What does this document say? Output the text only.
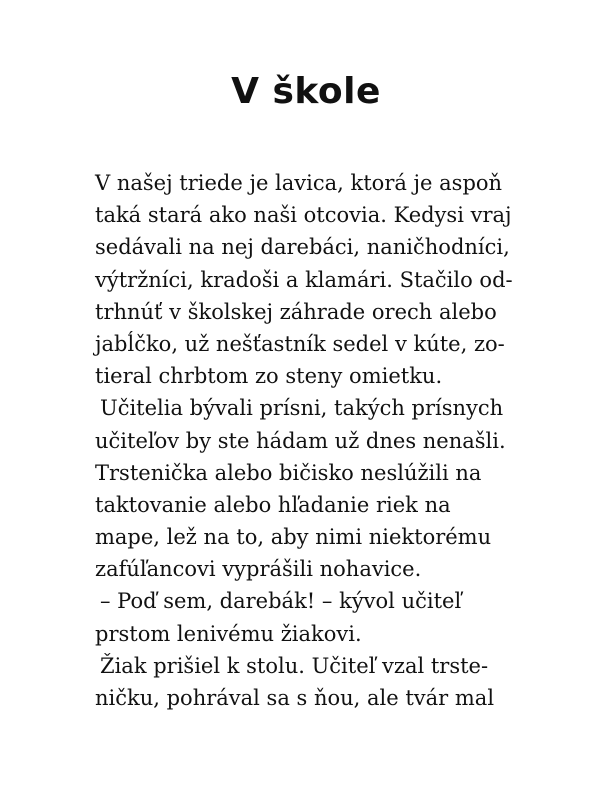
V škole
V našej triede je lavica, ktorá je aspoň
taká stará ako naši otcovia. Kedysi vraj
sedávali na nej darebáci, naničhodníci,
výtržníci, kradoši a klamári. Stačilo od-
trhnúť v školskej záhrade orech alebo
jabĺčko, už nešťastník sedel v kúte, zo-
tieral chrbtom zo steny omietku.
Učitelia bývali prísni, takých prísnych
učiteľov by ste hádam už dnes nenašli.
Trstenička alebo bičisko neslúžili na
taktovanie alebo hľadanie riek na
mape, lež na to, aby nimi niektorému
zafúľancovi vyprášili nohavice.
– Poď sem, darebák! – kývol učiteľ
prstom lenivému žiakovi.
Žiak prišiel k stolu. Učiteľ vzal trste-
ničku, pohrával sa s ňou, ale tvár mal
